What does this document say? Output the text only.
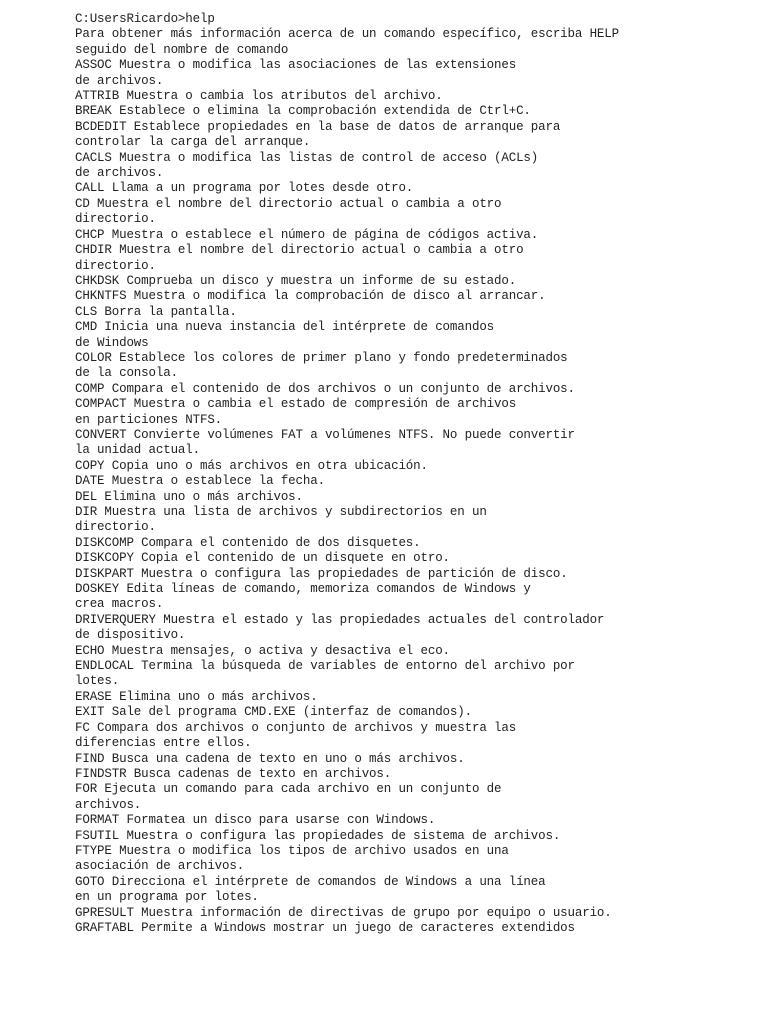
C:UsersRicardo>help
Para obtener más información acerca de un comando específico, escriba HELP
seguido del nombre de comando
ASSOC Muestra o modifica las asociaciones de las extensiones
de archivos.
ATTRIB Muestra o cambia los atributos del archivo.
BREAK Establece o elimina la comprobación extendida de Ctrl+C.
BCDEDIT Establece propiedades en la base de datos de arranque para
controlar la carga del arranque.
CACLS Muestra o modifica las listas de control de acceso (ACLs)
de archivos.
CALL Llama a un programa por lotes desde otro.
CD Muestra el nombre del directorio actual o cambia a otro
directorio.
CHCP Muestra o establece el número de página de códigos activa.
CHDIR Muestra el nombre del directorio actual o cambia a otro
directorio.
CHKDSK Comprueba un disco y muestra un informe de su estado.
CHKNTFS Muestra o modifica la comprobación de disco al arrancar.
CLS Borra la pantalla.
CMD Inicia una nueva instancia del intérprete de comandos
de Windows
COLOR Establece los colores de primer plano y fondo predeterminados
de la consola.
COMP Compara el contenido de dos archivos o un conjunto de archivos.
COMPACT Muestra o cambia el estado de compresión de archivos
en particiones NTFS.
CONVERT Convierte volúmenes FAT a volúmenes NTFS. No puede convertir
la unidad actual.
COPY Copia uno o más archivos en otra ubicación.
DATE Muestra o establece la fecha.
DEL Elimina uno o más archivos.
DIR Muestra una lista de archivos y subdirectorios en un
directorio.
DISKCOMP Compara el contenido de dos disquetes.
DISKCOPY Copia el contenido de un disquete en otro.
DISKPART Muestra o configura las propiedades de partición de disco.
DOSKEY Edita líneas de comando, memoriza comandos de Windows y
crea macros.
DRIVERQUERY Muestra el estado y las propiedades actuales del controlador
de dispositivo.
ECHO Muestra mensajes, o activa y desactiva el eco.
ENDLOCAL Termina la búsqueda de variables de entorno del archivo por
lotes.
ERASE Elimina uno o más archivos.
EXIT Sale del programa CMD.EXE (interfaz de comandos).
FC Compara dos archivos o conjunto de archivos y muestra las
diferencias entre ellos.
FIND Busca una cadena de texto en uno o más archivos.
FINDSTR Busca cadenas de texto en archivos.
FOR Ejecuta un comando para cada archivo en un conjunto de
archivos.
FORMAT Formatea un disco para usarse con Windows.
FSUTIL Muestra o configura las propiedades de sistema de archivos.
FTYPE Muestra o modifica los tipos de archivo usados en una
asociación de archivos.
GOTO Direcciona el intérprete de comandos de Windows a una línea
en un programa por lotes.
GPRESULT Muestra información de directivas de grupo por equipo o usuario.
GRAFTABL Permite a Windows mostrar un juego de caracteres extendidos
